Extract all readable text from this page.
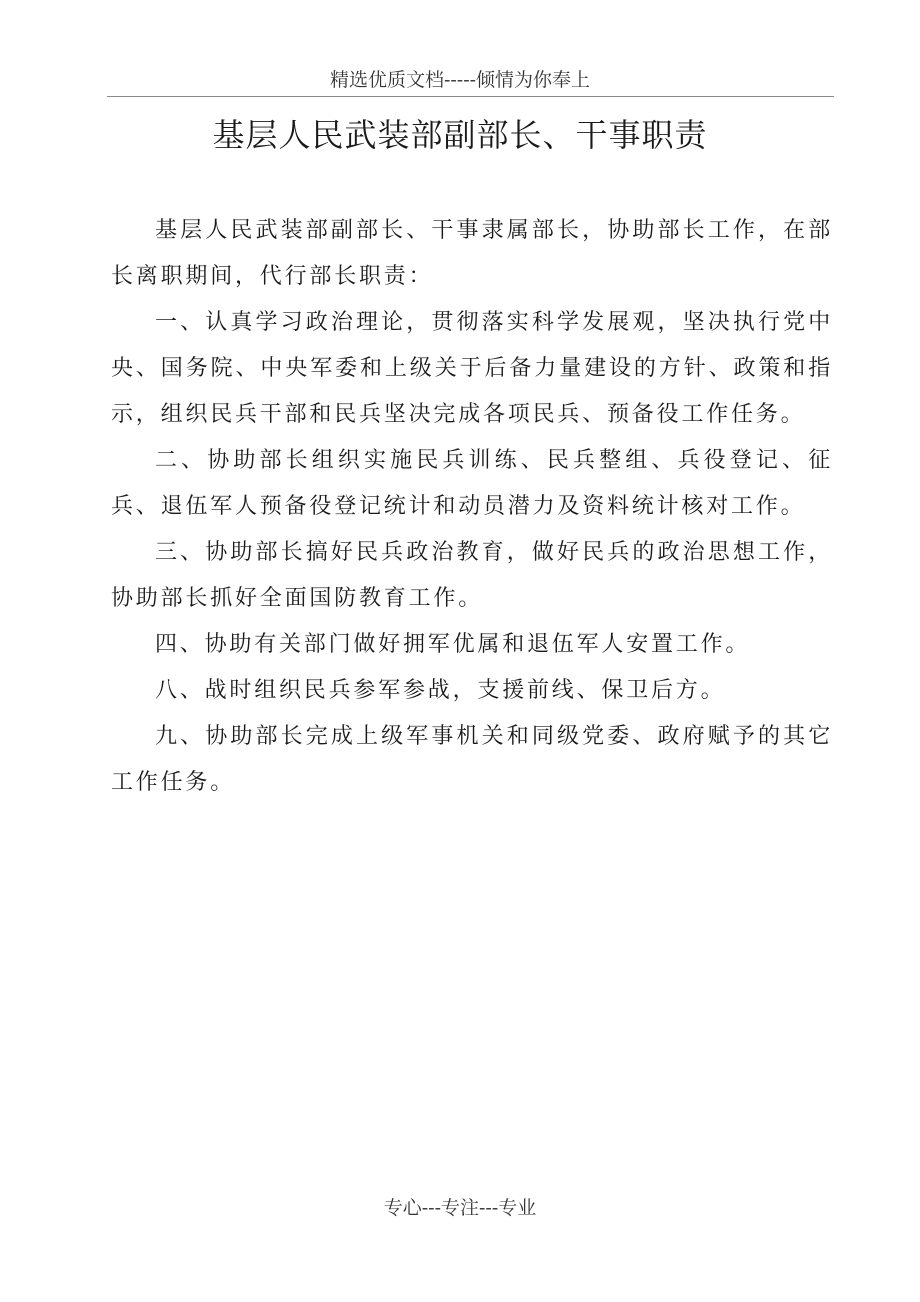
精选优质文档-----倾情为你奉上
基层人民武装部副部长、干事职责

基层人民武装部副部长、干事隶属部长，协助部长工作，在部长离职期间，代行部长职责：

一、认真学习政治理论，贯彻落实科学发展观，坚决执行党中央、国务院、中央军委和上级关于后备力量建设的方针、政策和指示，组织民兵干部和民兵坚决完成各项民兵、预备役工作任务。

二、协助部长组织实施民兵训练、民兵整组、兵役登记、征兵、退伍军人预备役登记统计和动员潜力及资料统计核对工作。

三、协助部长搞好民兵政治教育，做好民兵的政治思想工作，协助部长抓好全面国防教育工作。

四、协助有关部门做好拥军优属和退伍军人安置工作。

八、战时组织民兵参军参战，支援前线、保卫后方。

九、协助部长完成上级军事机关和同级党委、政府赋予的其它工作任务。

专心---专注---专业
